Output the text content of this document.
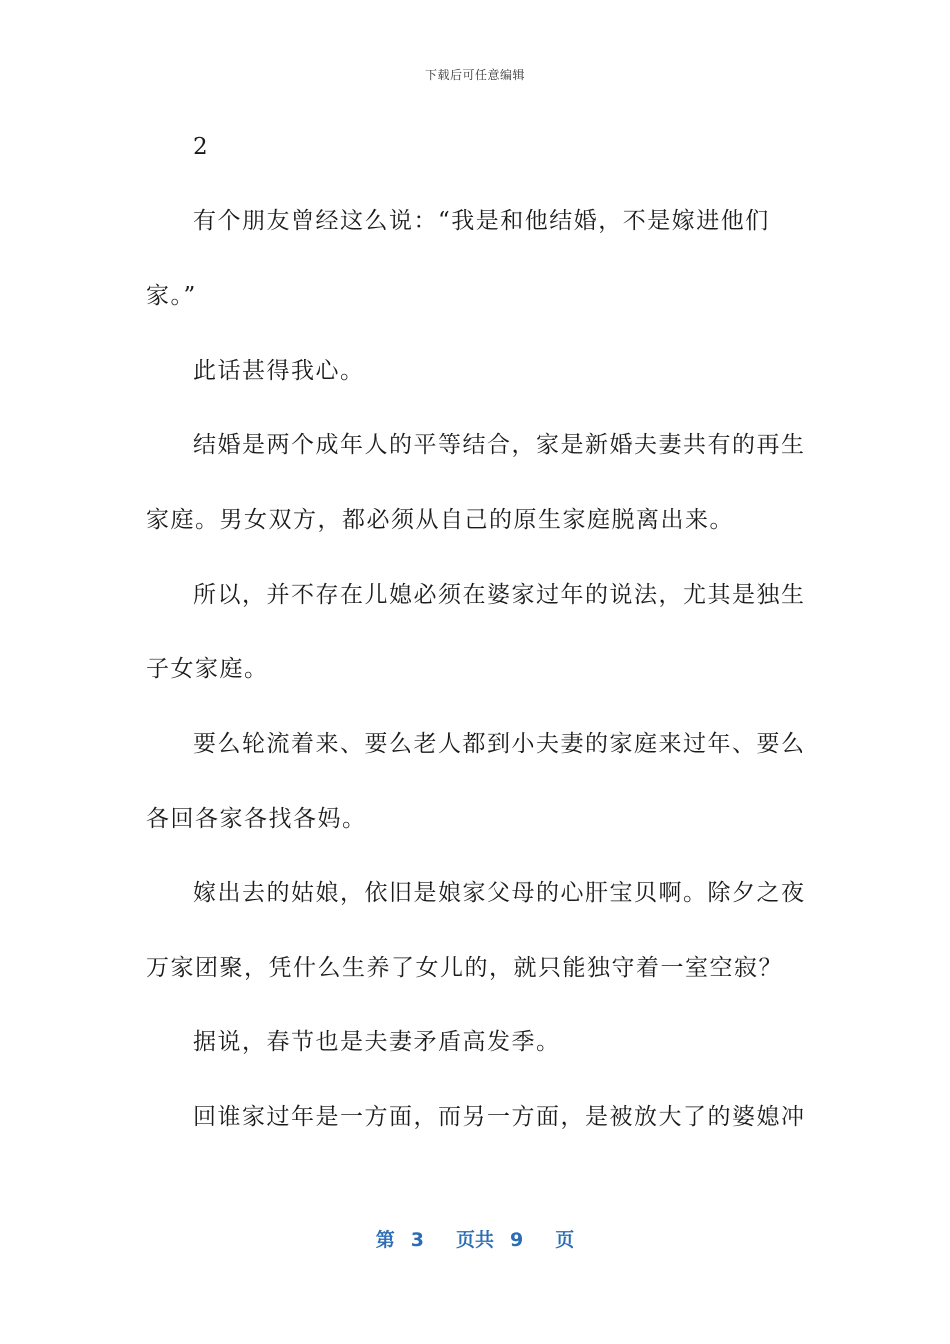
下载后可任意编辑
2
有个朋友曾经这么说：“我是和他结婚，不是嫁进他们
家。”
此话甚得我心。
结婚是两个成年人的平等结合，家是新婚夫妻共有的再生
家庭。男女双方，都必须从自己的原生家庭脱离出来。
所以，并不存在儿媳必须在婆家过年的说法，尤其是独生
子女家庭。
要么轮流着来、要么老人都到小夫妻的家庭来过年、要么
各回各家各找各妈。
嫁出去的姑娘，依旧是娘家父母的心肝宝贝啊。除夕之夜
万家团聚，凭什么生养了女儿的，就只能独守着一室空寂？
据说，春节也是夫妻矛盾高发季。
回谁家过年是一方面，而另一方面，是被放大了的婆媳冲
第 3 页共 9 页
